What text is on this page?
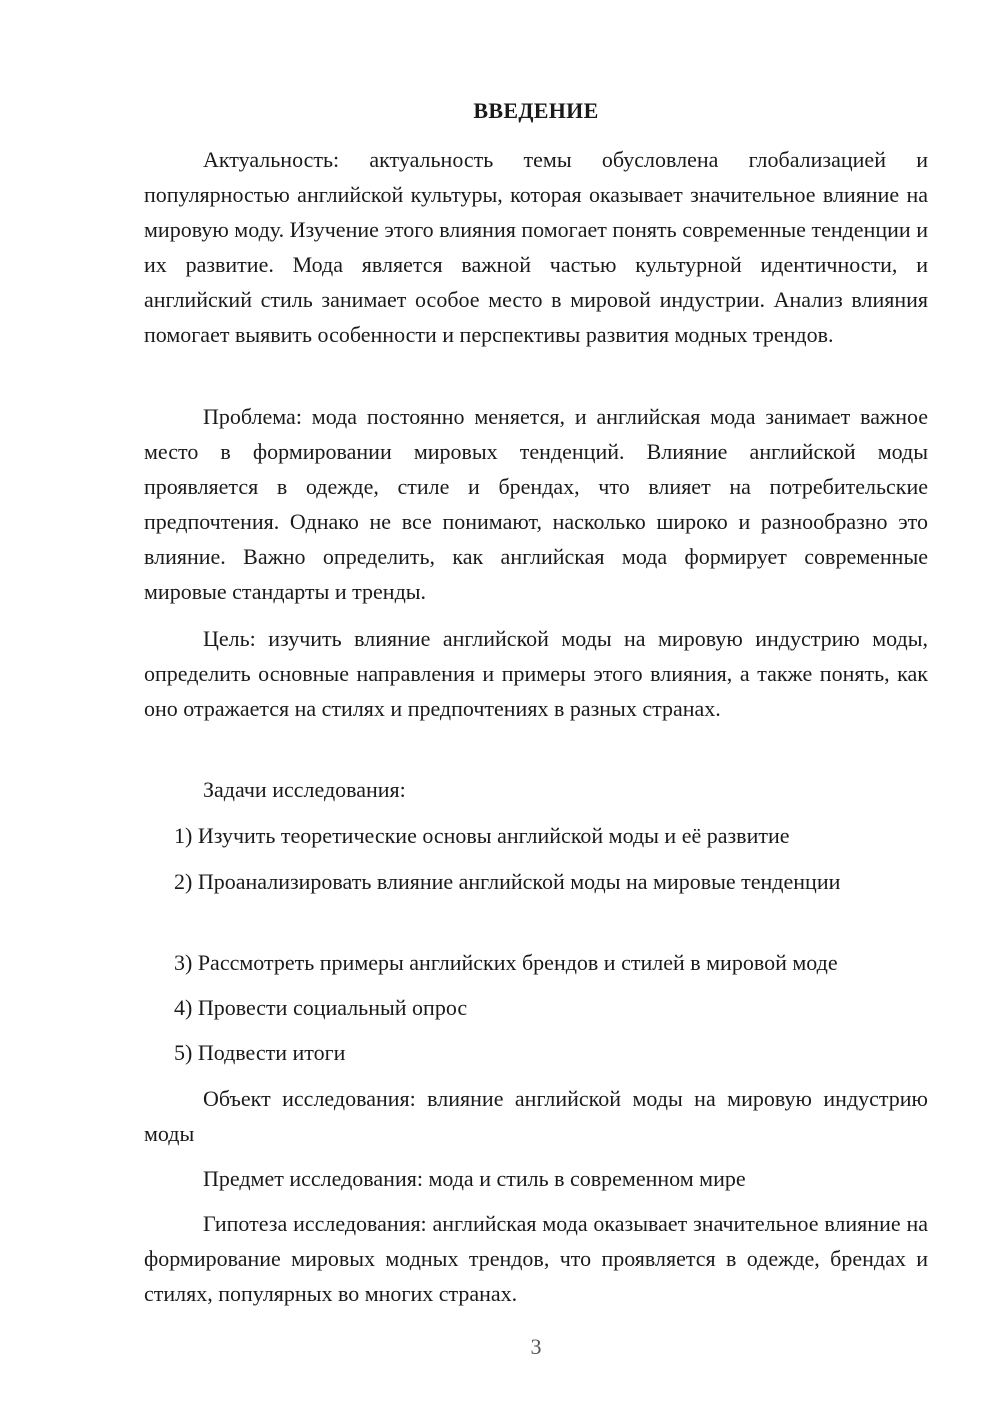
ВВЕДЕНИЕ

Актуальность: актуальность темы обусловлена глобализацией и популярностью английской культуры, которая оказывает значительное влияние на мировую моду. Изучение этого влияния помогает понять современные тенденции и их развитие. Мода является важной частью культурной идентичности, и английский стиль занимает особое место в мировой индустрии. Анализ влияния помогает выявить особенности и перспективы развития модных трендов.

Проблема: мода постоянно меняется, и английская мода занимает важное место в формировании мировых тенденций. Влияние английской моды проявляется в одежде, стиле и брендах, что влияет на потребительские предпочтения. Однако не все понимают, насколько широко и разнообразно это влияние. Важно определить, как английская мода формирует современные мировые стандарты и тренды.

Цель: изучить влияние английской моды на мировую индустрию моды, определить основные направления и примеры этого влияния, а также понять, как оно отражается на стилях и предпочтениях в разных странах.

Задачи исследования:

1) Изучить теоретические основы английской моды и её развитие

2) Проанализировать влияние английской моды на мировые тенденции

3) Рассмотреть примеры английских брендов и стилей в мировой моде

4) Провести социальный опрос

5) Подвести итоги

Объект исследования: влияние английской моды на мировую индустрию моды

Предмет исследования: мода и стиль в современном мире

Гипотеза исследования: английская мода оказывает значительное влияние на формирование мировых модных трендов, что проявляется в одежде, брендах и стилях, популярных во многих странах.

3
